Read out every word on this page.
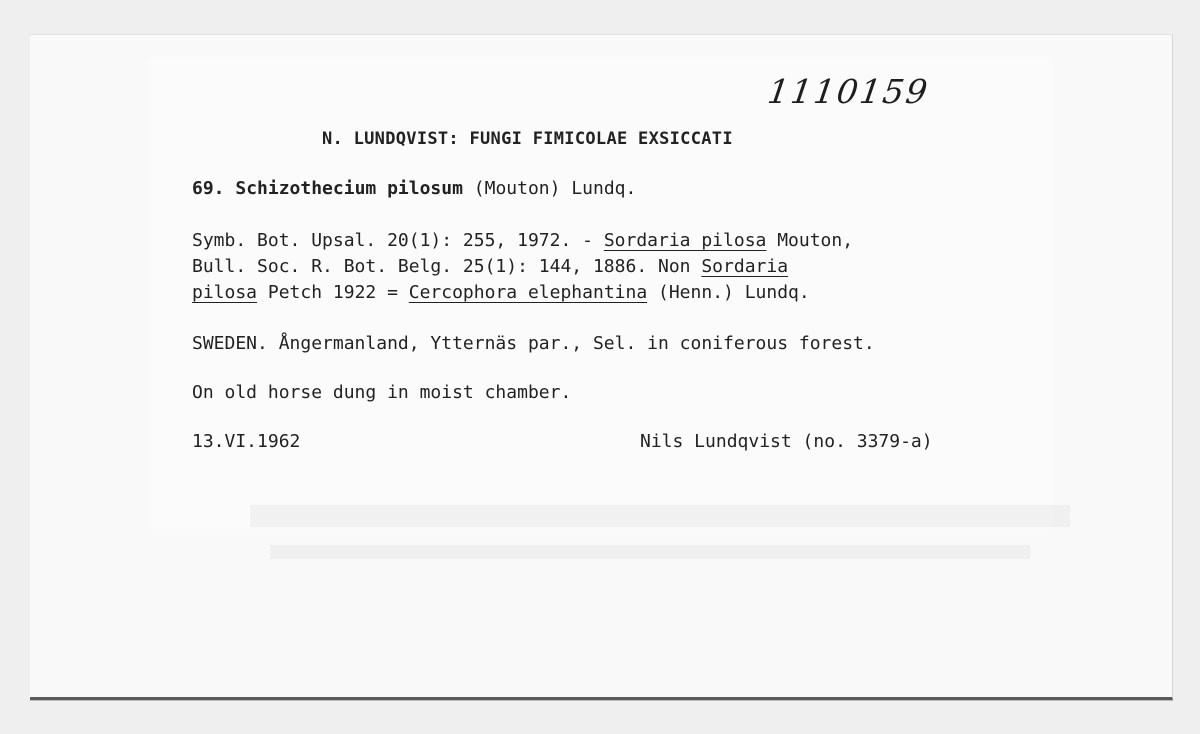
1110159
N. LUNDQVIST: FUNGI FIMICOLAE EXSICCATI
69. Schizothecium pilosum (Mouton) Lundq.
Symb. Bot. Upsal. 20(1): 255, 1972. - Sordaria pilosa Mouton,
Bull. Soc. R. Bot. Belg. 25(1): 144, 1886. Non Sordaria
pilosa Petch 1922 = Cercophora elephantina (Henn.) Lundq.
SWEDEN. Ångermanland, Ytternäs par., Sel. in coniferous forest.
On old horse dung in moist chamber.
13.VI.1962	Nils Lundqvist (no. 3379-a)
